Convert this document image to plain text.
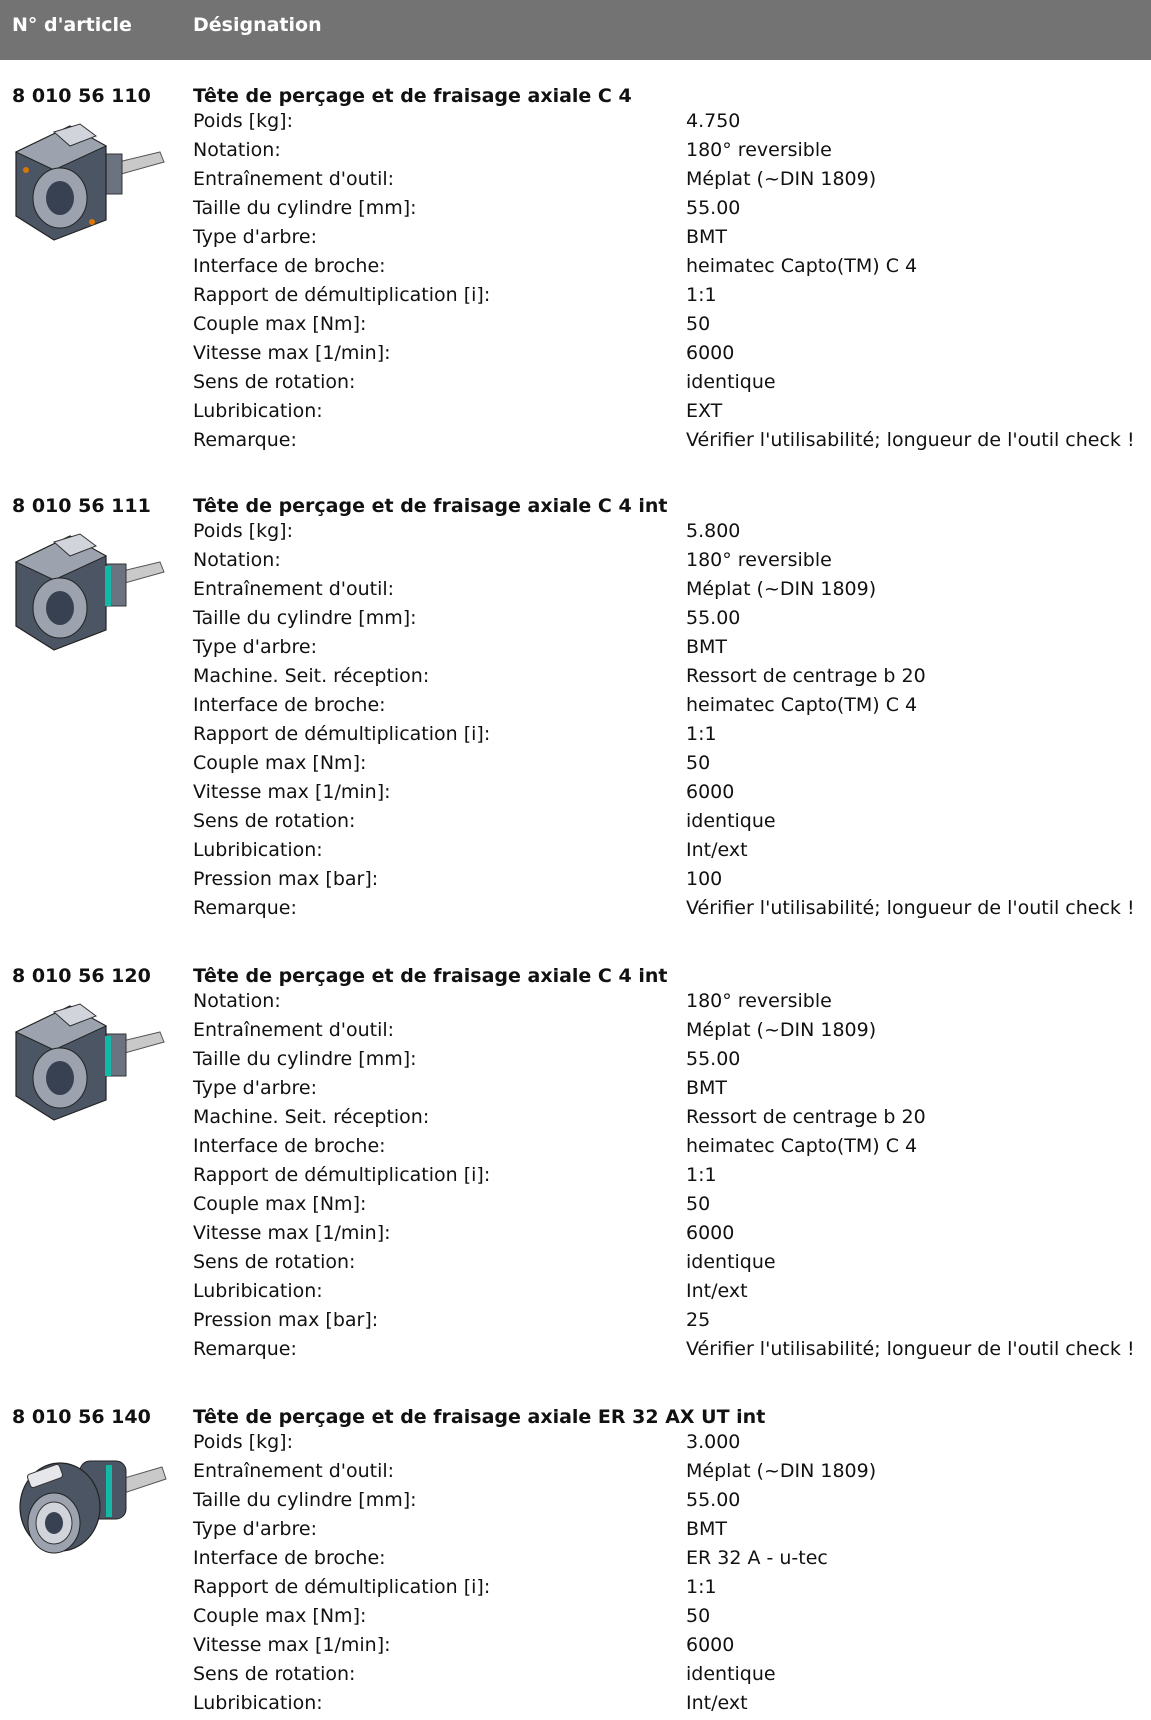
N° d'article	Désignation
8 010 56 110 Tête de perçage et de fraisage axiale C 4
Poids [kg]:	4.750
Notation:	180° reversible
Entraînement d'outil:	Méplat (~DIN 1809)
Taille du cylindre [mm]:	55.00
Type d'arbre:	BMT
Interface de broche:	heimatec Capto(TM) C 4
Rapport de démultiplication [i]:	1:1
Couple max [Nm]:	50
Vitesse max [1/min]:	6000
Sens de rotation:	identique
Lubribication:	EXT
Remarque:	Vérifier l'utilisabilité; longueur de l'outil check !
8 010 56 111 Tête de perçage et de fraisage axiale C 4 int
Poids [kg]:	5.800
Notation:	180° reversible
Entraînement d'outil:	Méplat (~DIN 1809)
Taille du cylindre [mm]:	55.00
Type d'arbre:	BMT
Machine. Seit. réception:	Ressort de centrage b 20
Interface de broche:	heimatec Capto(TM) C 4
Rapport de démultiplication [i]:	1:1
Couple max [Nm]:	50
Vitesse max [1/min]:	6000
Sens de rotation:	identique
Lubribication:	Int/ext
Pression max [bar]:	100
Remarque:	Vérifier l'utilisabilité; longueur de l'outil check !
8 010 56 120 Tête de perçage et de fraisage axiale C 4 int
Notation:	180° reversible
Entraînement d'outil:	Méplat (~DIN 1809)
Taille du cylindre [mm]:	55.00
Type d'arbre:	BMT
Machine. Seit. réception:	Ressort de centrage b 20
Interface de broche:	heimatec Capto(TM) C 4
Rapport de démultiplication [i]:	1:1
Couple max [Nm]:	50
Vitesse max [1/min]:	6000
Sens de rotation:	identique
Lubribication:	Int/ext
Pression max [bar]:	25
Remarque:	Vérifier l'utilisabilité; longueur de l'outil check !
8 010 56 140 Tête de perçage et de fraisage axiale ER 32 AX UT int
Poids [kg]:	3.000
Entraînement d'outil:	Méplat (~DIN 1809)
Taille du cylindre [mm]:	55.00
Type d'arbre:	BMT
Interface de broche:	ER 32 A - u-tec
Rapport de démultiplication [i]:	1:1
Couple max [Nm]:	50
Vitesse max [1/min]:	6000
Sens de rotation:	identique
Lubribication:	Int/ext
